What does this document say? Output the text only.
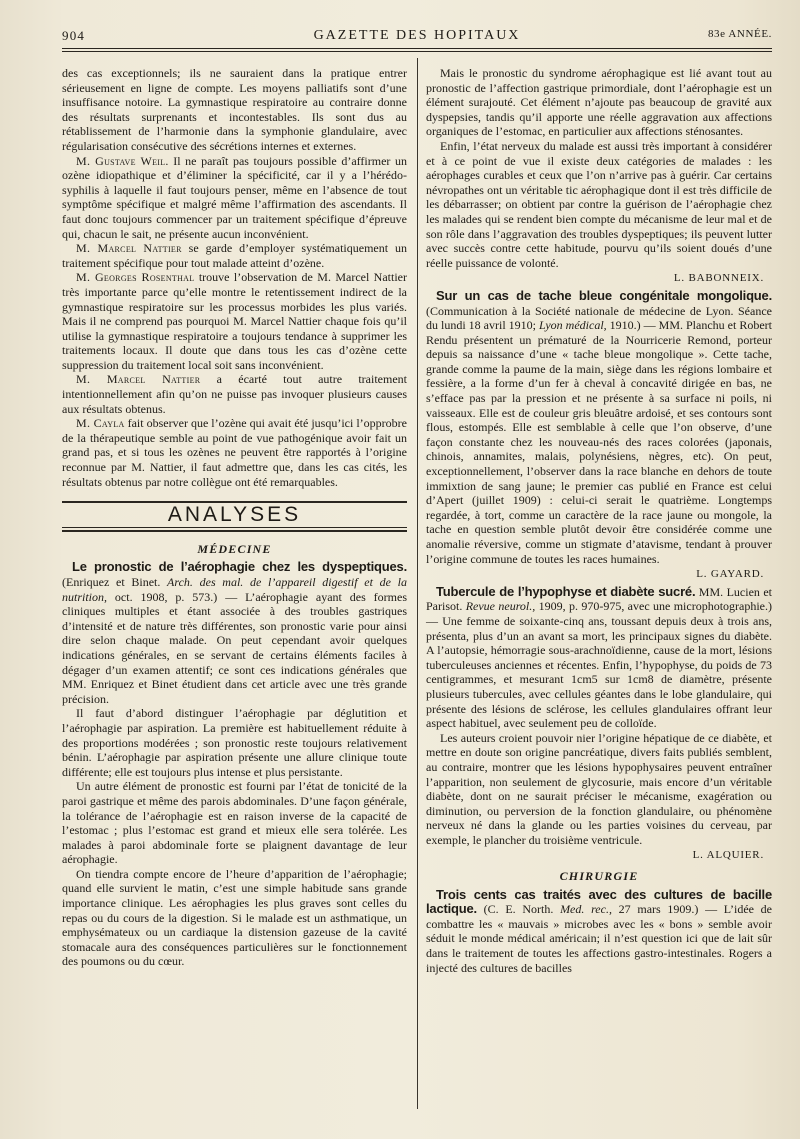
904	GAZETTE DES HOPITAUX	83e ANNÉE.

des cas exceptionnels; ils ne sauraient dans la pratique entrer sérieusement en ligne de compte. Les moyens palliatifs sont d’une insuffisance notoire. La gymnastique respiratoire au contraire donne des résultats surprenants et incontestables. Ils sont dus au rétablissement de l’harmonie dans la symphonie glandulaire, avec régularisation consécutive des sécrétions internes et externes.

M. Gustave Weil. Il ne paraît pas toujours possible d’affirmer un ozène idiopathique et d’éliminer la spécificité, car il y a l’hérédo-syphilis à laquelle il faut toujours penser, même en l’absence de tout symptôme spécifique et malgré même l’affirmation des ascendants. Il faut donc toujours commencer par un traitement spécifique d’épreuve qui, chacun le sait, ne présente aucun inconvénient.

M. Marcel Nattier se garde d’employer systématiquement un traitement spécifique pour tout malade atteint d’ozène.

M. Georges Rosenthal trouve l’observation de M. Marcel Nattier très importante parce qu’elle montre le retentissement indirect de la gymnastique respiratoire sur les processus morbides les plus variés. Mais il ne comprend pas pourquoi M. Marcel Nattier chaque fois qu’il utilise la gymnastique respiratoire a toujours tendance à supprimer les traitements locaux. Il doute que dans tous les cas d’ozène cette suppression du traitement local soit sans inconvénient.

M. Marcel Nattier a écarté tout autre traitement intentionnellement afin qu’on ne puisse pas invoquer plusieurs causes aux résultats obtenus.

M. Cayla fait observer que l’ozène qui avait été jusqu’ici l’opprobre de la thérapeutique semble au point de vue pathogénique avoir fait un grand pas, et si tous les ozènes ne peuvent être rapportés à l’origine reconnue par M. Nattier, il faut admettre que, dans les cas cités, les résultats obtenus par notre collègue ont été remarquables.

ANALYSES
MÉDECINE

Le pronostic de l’aérophagie chez les dyspeptiques. (Enriquez et Binet. Arch. des mal. de l’appareil digestif et de la nutrition, oct. 1908, p. 573.) — L’aérophagie ayant des formes cliniques multiples et étant associée à des troubles gastriques d’intensité et de nature très différentes, son pronostic varie pour ainsi dire selon chaque malade. On peut cependant avoir quelques indications générales, en se servant de certains éléments faciles à dégager d’un examen attentif; ce sont ces indications générales que MM. Enriquez et Binet étudient dans cet article avec une très grande précision.

Il faut d’abord distinguer l’aérophagie par déglutition et l’aérophagie par aspiration. La première est habituellement réduite à des proportions modérées ; son pronostic reste toujours relativement bénin. L’aérophagie par aspiration présente une allure clinique toute différente; elle est toujours plus intense et plus persistante.

Un autre élément de pronostic est fourni par l’état de tonicité de la paroi gastrique et même des parois abdominales. D’une façon générale, la tolérance de l’aérophagie est en raison inverse de la capacité de l’estomac ; plus l’estomac est grand et mieux elle sera tolérée. Les malades à paroi abdominale forte se plaignent davantage de leur aérophagie.

On tiendra compte encore de l’heure d’apparition de l’aérophagie; quand elle survient le matin, c’est une simple habitude sans grande importance clinique. Les aérophagies les plus graves sont celles du repas ou du cours de la digestion. Si le malade est un asthmatique, un emphysémateux ou un cardiaque la distension gazeuse de la cavité stomacale aura des conséquences particulières sur le fonctionnement des poumons ou du cœur.

Mais le pronostic du syndrome aérophagique est lié avant tout au pronostic de l’affection gastrique primordiale, dont l’aérophagie est un élément surajouté. Cet élément n’ajoute pas beaucoup de gravité aux dyspepsies, tandis qu’il apporte une réelle aggravation aux affections organiques de l’estomac, en particulier aux affections sténosantes.

Enfin, l’état nerveux du malade est aussi très important à considérer et à ce point de vue il existe deux catégories de malades : les aérophages curables et ceux que l’on n’arrive pas à guérir. Car certains névropathes ont un véritable tic aérophagique dont il est très difficile de les débarrasser; on obtient par contre la guérison de l’aérophagie chez les malades qui se rendent bien compte du mécanisme de leur mal et de son rôle dans l’aggravation des troubles dyspeptiques; ils peuvent lutter avec succès contre cette habitude, pourvu qu’ils soient doués d’une réelle puissance de volonté.

L. BABONNEIX.

Sur un cas de tache bleue congénitale mongolique. (Communication à la Société nationale de médecine de Lyon. Séance du lundi 18 avril 1910; Lyon médical, 1910.) — MM. Planchu et Robert Rendu présentent un prématuré de la Nourricerie Remond, porteur depuis sa naissance d’une « tache bleue mongolique ». Cette tache, grande comme la paume de la main, siège dans les régions lombaire et fessière, a la forme d’un fer à cheval à concavité dirigée en bas, ne s’efface pas par la pression et ne présente à sa surface ni poils, ni vaisseaux. Elle est de couleur gris bleuâtre ardoisé, et ses contours sont flous, estompés. Elle est semblable à celle que l’on observe, d’une façon constante chez les nouveau-nés des races colorées (japonais, chinois, annamites, malais, polynésiens, nègres, etc). On peut, exceptionnellement, l’observer dans la race blanche en dehors de toute immixtion de sang jaune; le premier cas publié en France est celui d’Apert (juillet 1909) : celui-ci serait le quatrième. Longtemps regardée, à tort, comme un caractère de la race jaune ou mongole, la tache en question semble plutôt devoir être considérée comme une anomalie réversive, comme un stigmate d’atavisme, tendant à prouver l’origine commune de toutes les races humaines.

L. GAYARD.

Tubercule de l’hypophyse et diabète sucré. MM. Lucien et Parisot. Revue neurol., 1909, p. 970-975, avec une microphotographie.)— Une femme de soixante-cinq ans, toussant depuis deux à trois ans, présenta, plus d’un an avant sa mort, les principaux signes du diabète. A l’autopsie, hémorragie sous-arachnoïdienne, cause de la mort, lésions tuberculeuses anciennes et récentes. Enfin, l’hypophyse, du poids de 73 centigrammes, et mesurant 1cm5 sur 1cm8 de diamètre, présente plusieurs tubercules, avec cellules géantes dans le lobe glandulaire, qui présente des lésions de sclérose, les cellules glandulaires offrant leur aspect habituel, avec seulement peu de colloïde.

Les auteurs croient pouvoir nier l’origine hépatique de ce diabète, et mettre en doute son origine pancréatique, divers faits publiés semblent, au contraire, montrer que les lésions hypophysaires peuvent entraîner l’apparition, non seulement de glycosurie, mais encore d’un véritable diabète, dont on ne saurait préciser le mécanisme, exagération ou diminution, ou perversion de la fonction glandulaire, ou phénomène nerveux né dans la glande ou les parties voisines du cerveau, par exemple, le plancher du troisième ventricule.

L. ALQUIER.
CHIRURGIE

Trois cents cas traités avec des cultures de bacille lactique. (C. E. North. Med. rec., 27 mars 1909.) — L’idée de combattre les « mauvais » microbes avec les « bons » semble avoir séduit le monde médical américain; il n’est question ici que de lait sûr dans le traitement de toutes les affections gastro-intestinales. Rogers a injecté des cultures de bacilles
